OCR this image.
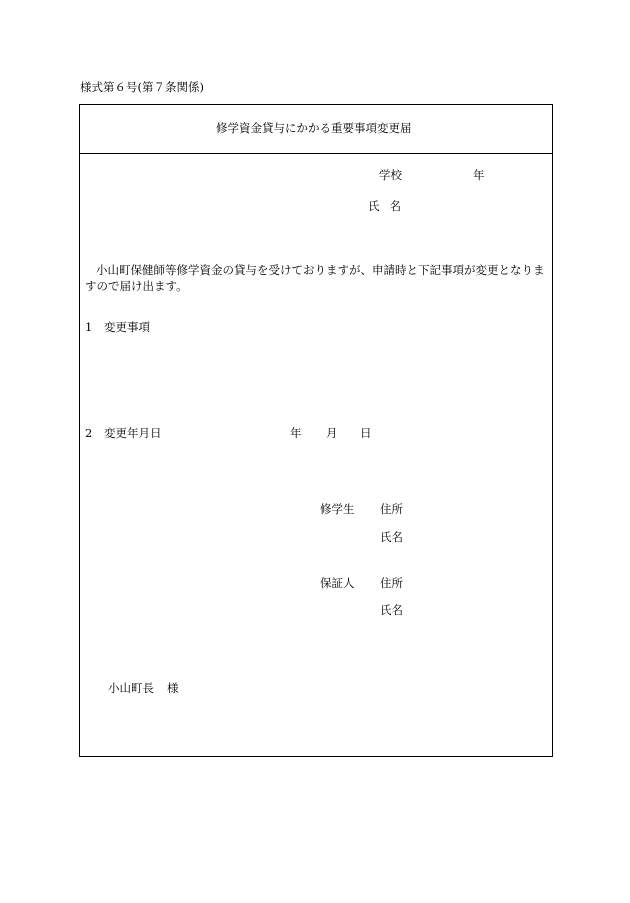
様式第６号(第７条関係)
修学資金貸与にかかる重要事項変更届
学校	年
氏名
小山町保健師等修学資金の貸与を受けておりますが、申請時と下記事項が変更となりますので届け出ます。
1 変更事項
2 変更年月日	年 月 日
修学生 住所
氏名
保証人 住所
氏名
小山町長 様
